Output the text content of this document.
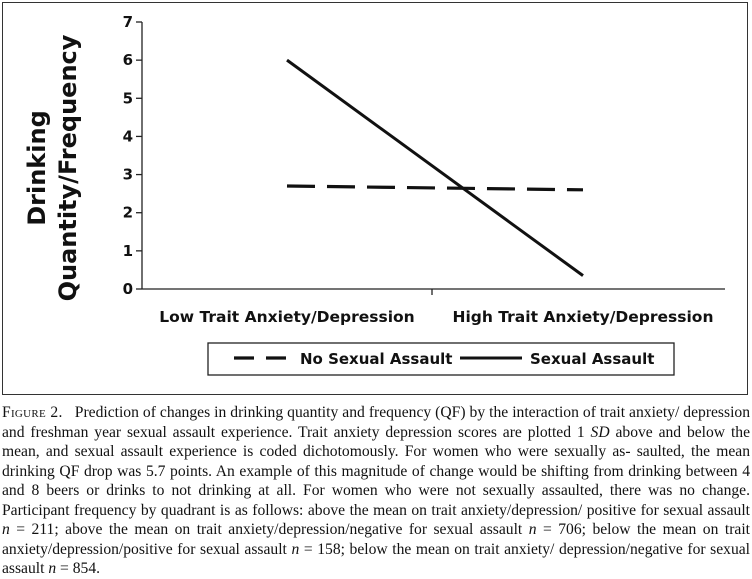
0
1
2
3
4
5
6
7
Low Trait Anxiety/Depression High Trait Anxiety/Depression
Drinking Quantity/Frequency
No Sexual Assault	Sexual Assault

Figure 2. Prediction of changes in drinking quantity and frequency (QF) by the interaction of trait anxiety/ depression and freshman year sexual assault experience. Trait anxiety depression scores are plotted 1 SD above and below the mean, and sexual assault experience is coded dichotomously. For women who were sexually as- saulted, the mean drinking QF drop was 5.7 points. An example of this magnitude of change would be shifting from drinking between 4 and 8 beers or drinks to not drinking at all. For women who were not sexually assaulted, there was no change. Participant frequency by quadrant is as follows: above the mean on trait anxiety/depression/ positive for sexual assault n = 211; above the mean on trait anxiety/depression/negative for sexual assault n = 706; below the mean on trait anxiety/depression/positive for sexual assault n = 158; below the mean on trait anxiety/ depression/negative for sexual assault n = 854.
